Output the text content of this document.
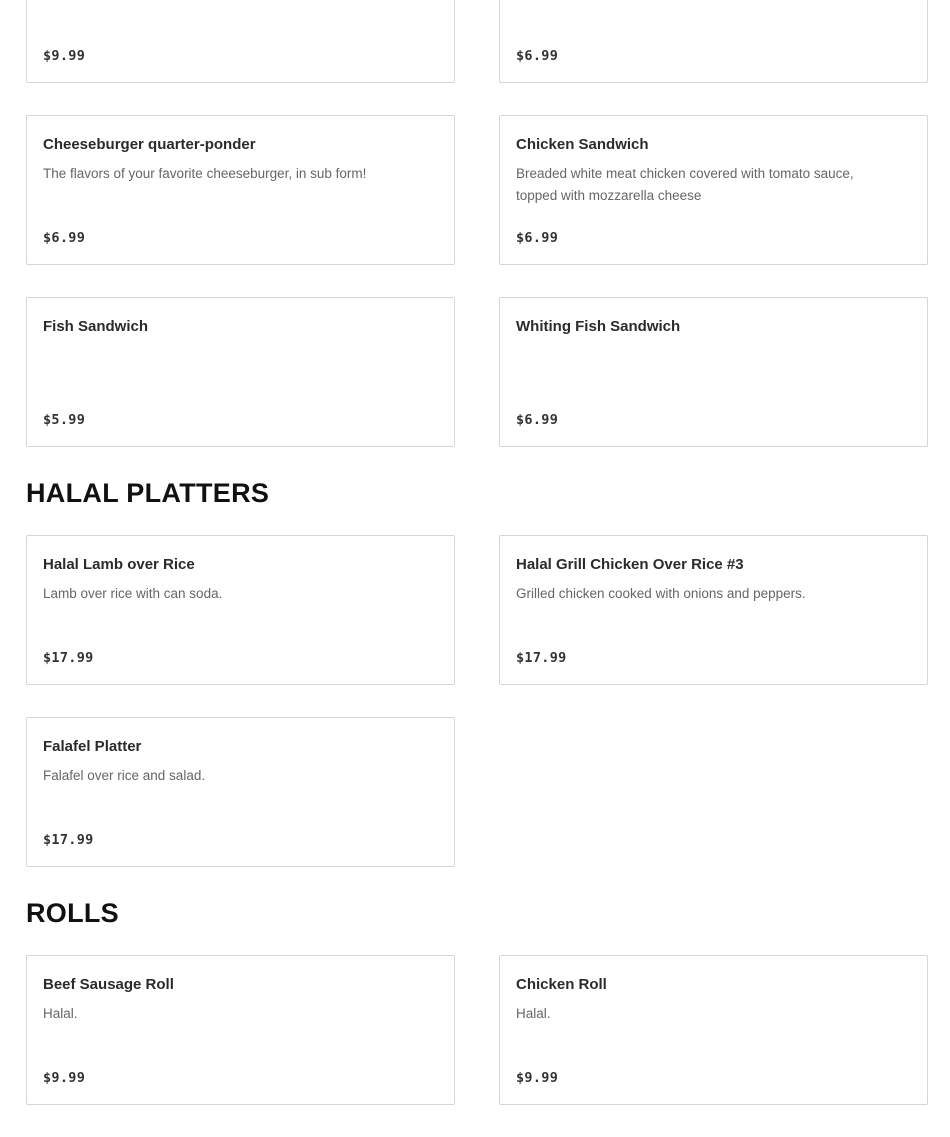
$9.99	$6.99
Cheeseburger quarter-ponder

The flavors of your favorite cheeseburger, in sub form!

$6.99
Chicken Sandwich

Breaded white meat chicken covered with tomato sauce, topped with mozzarella cheese

$6.99
Fish Sandwich

$5.99
Whiting Fish Sandwich

$6.99
HALAL PLATTERS
Halal Lamb over Rice

Lamb over rice with can soda.

$17.99
Halal Grill Chicken Over Rice #3

Grilled chicken cooked with onions and peppers.

$17.99
Falafel Platter

Falafel over rice and salad.

$17.99
ROLLS
Beef Sausage Roll

Halal.

$9.99
Chicken Roll

Halal.

$9.99
